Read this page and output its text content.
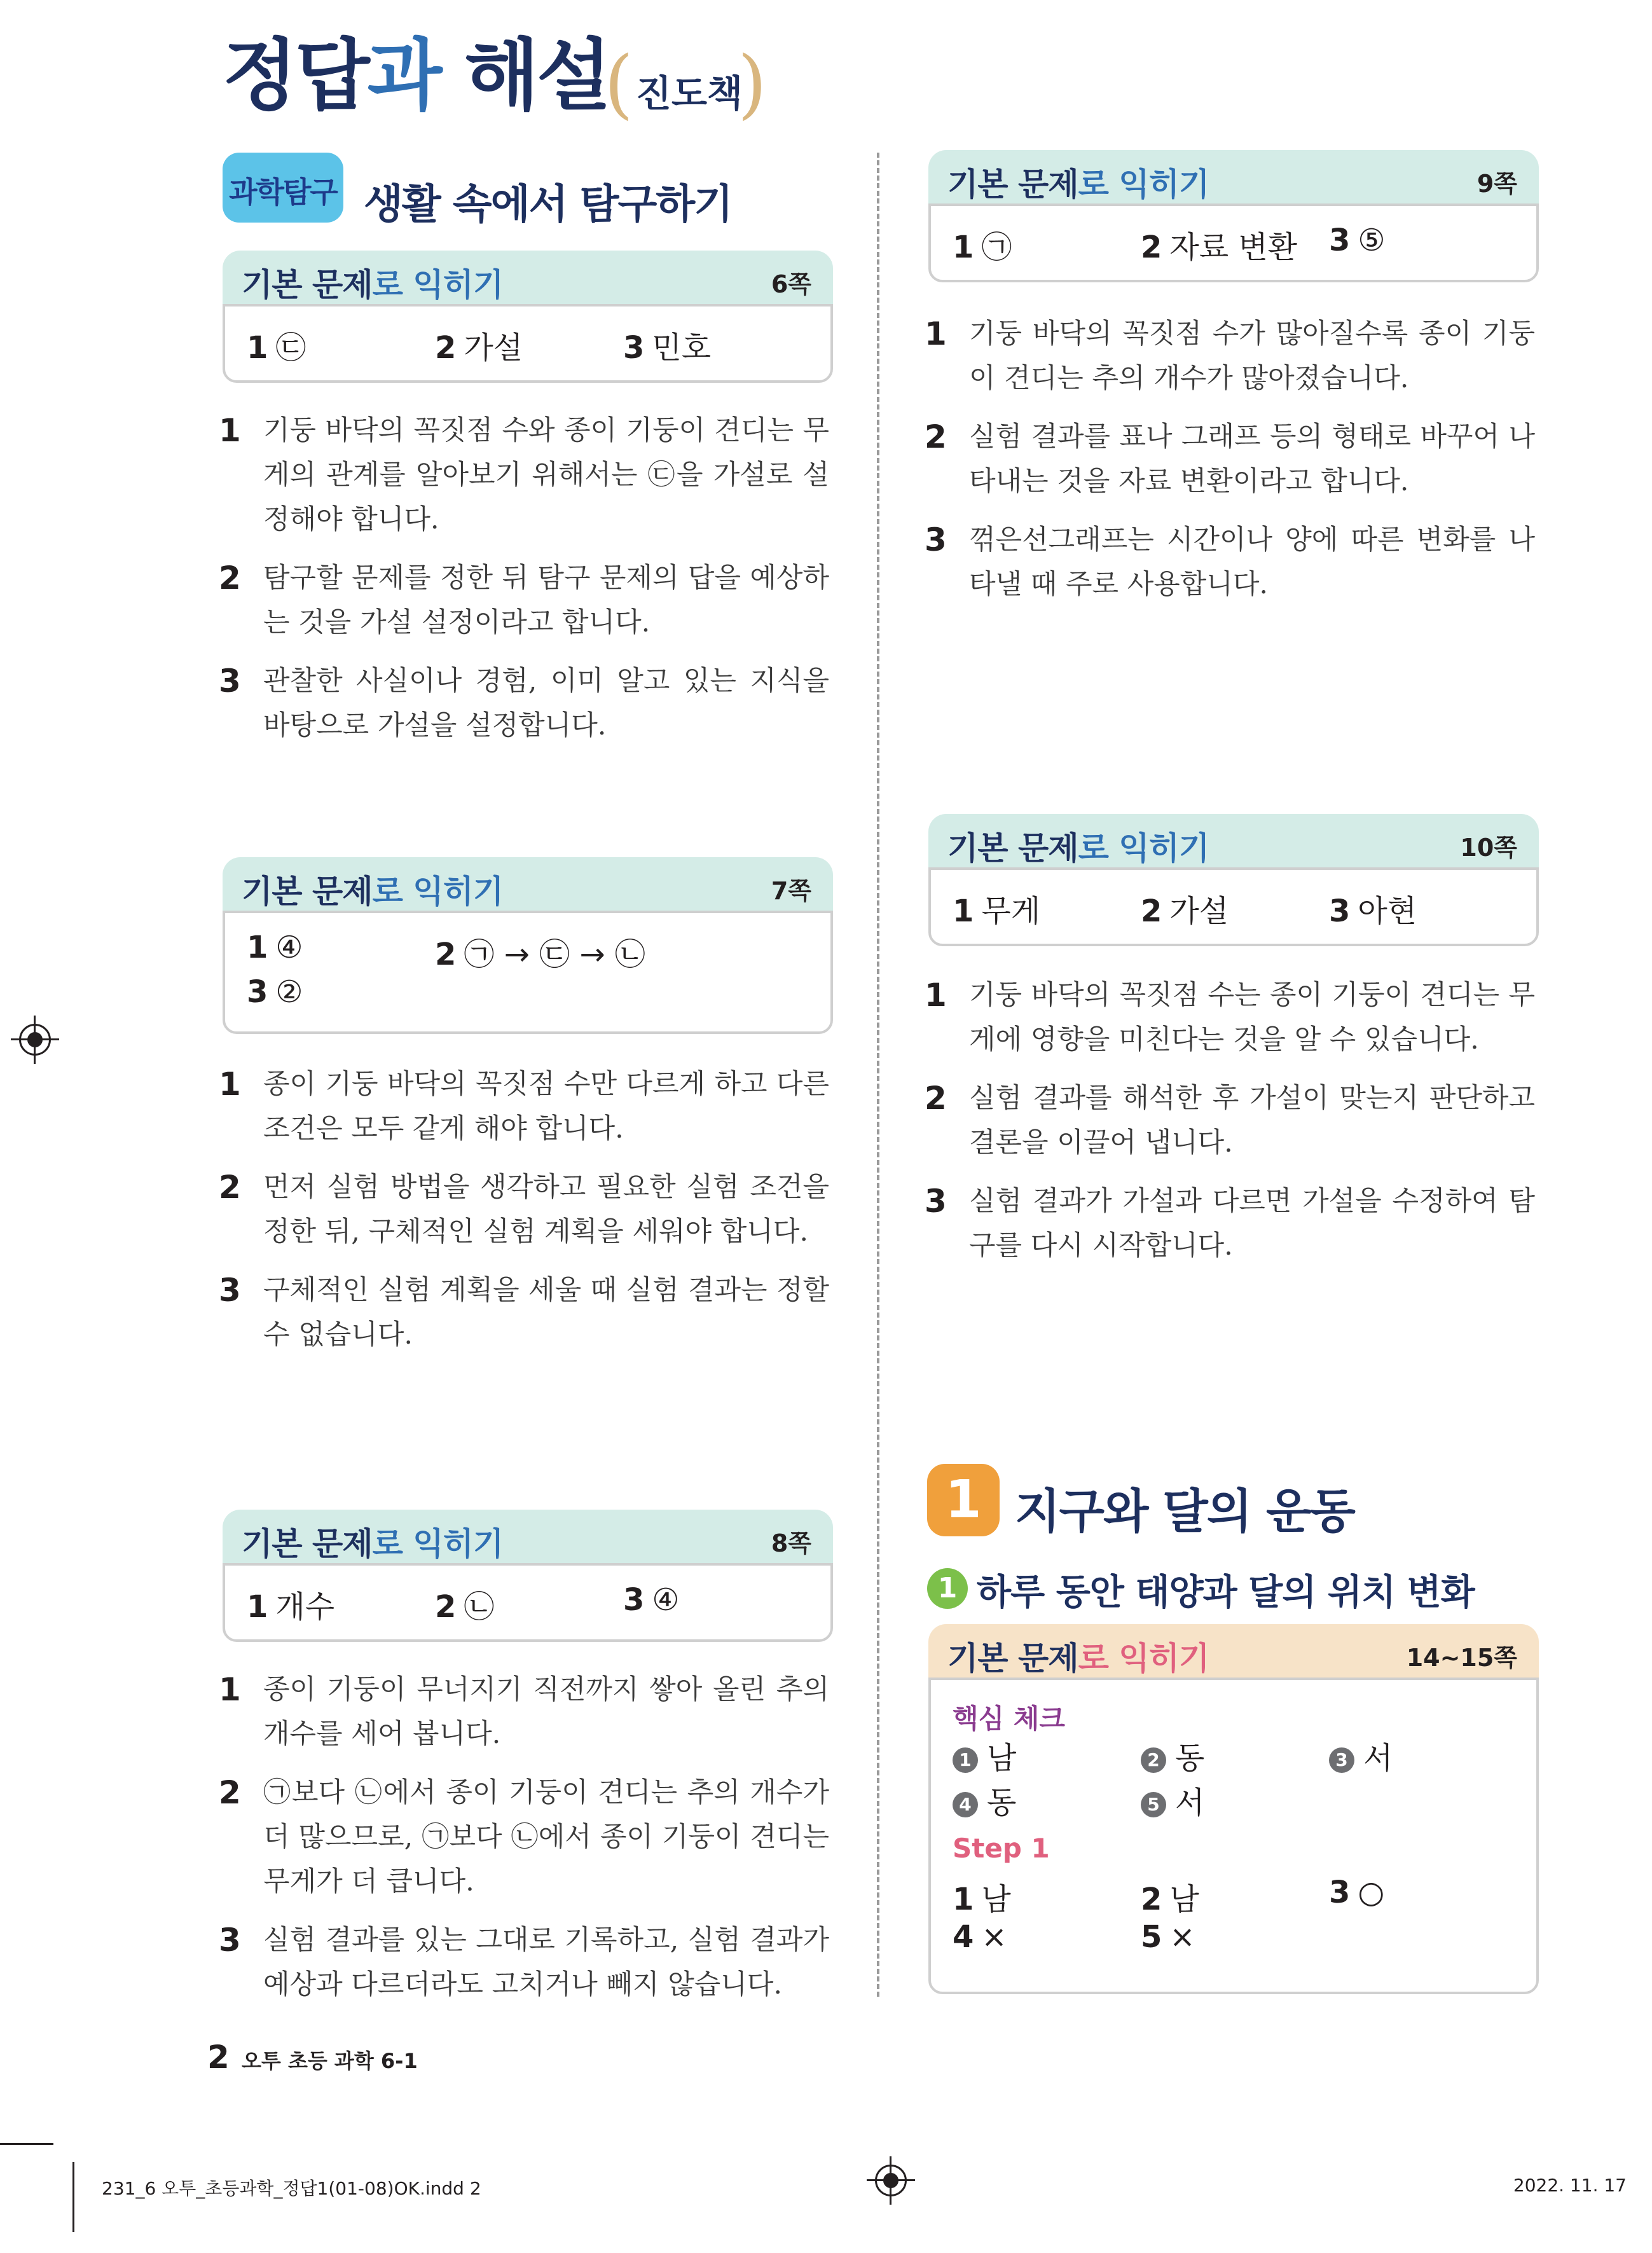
정답과 해설
( 진도책
)
과학탐구 생활 속에서 탐구하기
기본 문제로 익히기	6쪽
1 ㉢	2 가설	3 민호
1 기둥 바닥의 꼭짓점 수와 종이 기둥이 견디는 무게의 관계를 알아보기 위해서는 ㉢을 가설로 설정해야 합니다.
2 탐구할 문제를 정한 뒤 탐구 문제의 답을 예상하는 것을 가설 설정이라고 합니다.
3 관찰한 사실이나 경험, 이미 알고 있는 지식을 바탕으로 가설을 설정합니다.
기본 문제로 익히기	7쪽
1 ④	2 ㉠ → ㉢ → ㉡
3 ②
1 종이 기둥 바닥의 꼭짓점 수만 다르게 하고 다른 조건은 모두 같게 해야 합니다.
2 먼저 실험 방법을 생각하고 필요한 실험 조건을 정한 뒤, 구체적인 실험 계획을 세워야 합니다.
3 구체적인 실험 계획을 세울 때 실험 결과는 정할 수 없습니다.
기본 문제로 익히기	8쪽
1 개수	2 ㉡	3 ④
1 종이 기둥이 무너지기 직전까지 쌓아 올린 추의 개수를 세어 봅니다.
2 ㉠보다 ㉡에서 종이 기둥이 견디는 추의 개수가 더 많으므로, ㉠보다 ㉡에서 종이 기둥이 견디는 무게가 더 큽니다.
3 실험 결과를 있는 그대로 기록하고, 실험 결과가 예상과 다르더라도 고치거나 빼지 않습니다.
기본 문제로 익히기	9쪽
1 ㉠	2 자료 변환 3 ⑤
1 기둥 바닥의 꼭짓점 수가 많아질수록 종이 기둥이 견디는 추의 개수가 많아졌습니다.
2 실험 결과를 표나 그래프 등의 형태로 바꾸어 나타내는 것을 자료 변환이라고 합니다.
3 꺾은선그래프는 시간이나 양에 따른 변화를 나타낼 때 주로 사용합니다.
기본 문제로 익히기	10쪽
1 무게	2 가설	3 아현
1 기둥 바닥의 꼭짓점 수는 종이 기둥이 견디는 무게에 영향을 미친다는 것을 알 수 있습니다.
2 실험 결과를 해석한 후 가설이 맞는지 판단하고 결론을 이끌어 냅니다.
3 실험 결과가 가설과 다르면 가설을 수정하여 탐구를 다시 시작합니다.
1 지구와 달의 운동
1 하루 동안 태양과 달의 위치 변화
기본 문제로 익히기	14~15쪽
핵심 체크
1 남	2 동	3 서
4 동	5 서
Step 1
1 남	2 남	3 ○
4 ×	5 ×
2 오투 초등 과학 6-1
231_6 오투_초등과학_정답1(01-08)OK.indd 2	2022. 11. 17
